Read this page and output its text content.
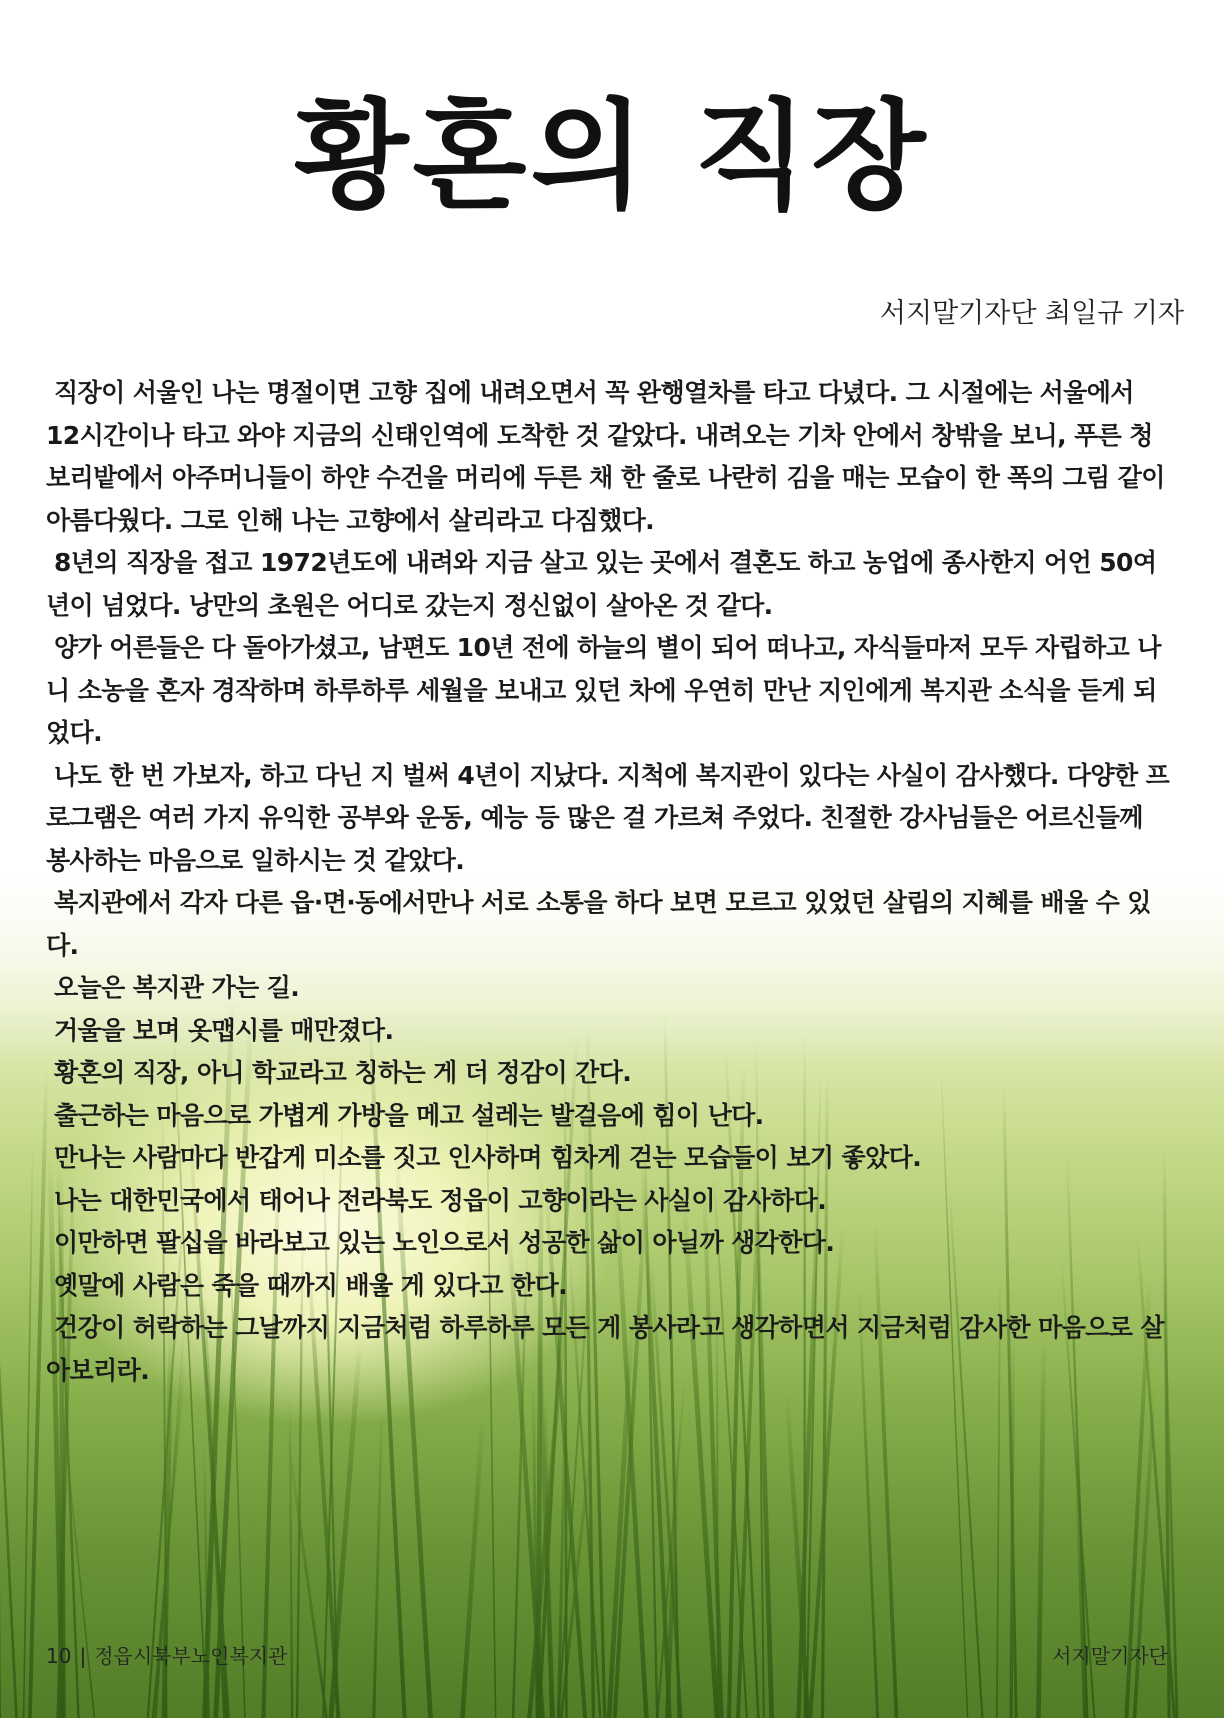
황혼의 직장

서지말기자단 최일규 기자

직장이 서울인 나는 명절이면 고향 집에 내려오면서 꼭 완행열차를 타고 다녔다. 그 시절에는 서울에서 12시간이나 타고 와야 지금의 신태인역에 도착한 것 같았다. 내려오는 기차 안에서 창밖을 보니, 푸른 청보리밭에서 아주머니들이 하얀 수건을 머리에 두른 채 한 줄로 나란히 김을 매는 모습이 한 폭의 그림 같이 아름다웠다. 그로 인해 나는 고향에서 살리라고 다짐했다.

8년의 직장을 접고 1972년도에 내려와 지금 살고 있는 곳에서 결혼도 하고 농업에 종사한지 어언 50여 년이 넘었다. 낭만의 초원은 어디로 갔는지 정신없이 살아온 것 같다.

양가 어른들은 다 돌아가셨고, 남편도 10년 전에 하늘의 별이 되어 떠나고, 자식들마저 모두 자립하고 나니 소농을 혼자 경작하며 하루하루 세월을 보내고 있던 차에 우연히 만난 지인에게 복지관 소식을 듣게 되었다.

나도 한 번 가보자, 하고 다닌 지 벌써 4년이 지났다. 지척에 복지관이 있다는 사실이 감사했다. 다양한 프로그램은 여러 가지 유익한 공부와 운동, 예능 등 많은 걸 가르쳐 주었다. 친절한 강사님들은 어르신들께 봉사하는 마음으로 일하시는 것 같았다.

복지관에서 각자 다른 읍·면·동에서만나 서로 소통을 하다 보면 모르고 있었던 살림의 지혜를 배울 수 있다.

오늘은 복지관 가는 길.

거울을 보며 옷맵시를 매만졌다.

황혼의 직장, 아니 학교라고 칭하는 게 더 정감이 간다.

출근하는 마음으로 가볍게 가방을 메고 설레는 발걸음에 힘이 난다.

만나는 사람마다 반갑게 미소를 짓고 인사하며 힘차게 걷는 모습들이 보기 좋았다.

나는 대한민국에서 태어나 전라북도 정읍이 고향이라는 사실이 감사하다.

이만하면 팔십을 바라보고 있는 노인으로서 성공한 삶이 아닐까 생각한다.

옛말에 사람은 죽을 때까지 배울 게 있다고 한다.

건강이 허락하는 그날까지 지금처럼 하루하루 모든 게 봉사라고 생각하면서 지금처럼 감사한 마음으로 살아보리라.

10 | 정읍시북부노인복지관	서지말기자단
